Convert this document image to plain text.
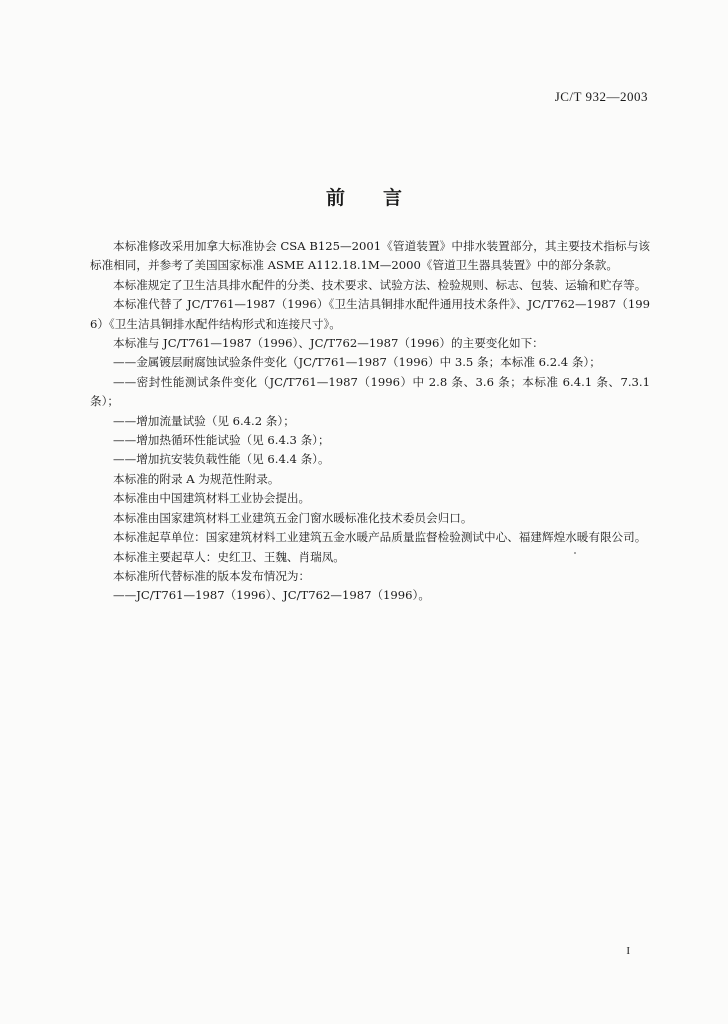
JC/T 932—2003
前言

本标准修改采用加拿大标准协会 CSA B125—2001《管道装置》中排水装置部分，其主要技术指标与该标准相同，并参考了美国国家标准 ASME A112.18.1M—2000《管道卫生器具装置》中的部分条款。

本标准规定了卫生洁具排水配件的分类、技术要求、试验方法、检验规则、标志、包装、运输和贮存等。

本标准代替了 JC/T761—1987（1996）《卫生洁具铜排水配件通用技术条件》、JC/T762—1987（1996）《卫生洁具铜排水配件结构形式和连接尺寸》。

本标准与 JC/T761—1987（1996）、JC/T762—1987（1996）的主要变化如下：

——金属镀层耐腐蚀试验条件变化（JC/T761—1987（1996）中 3.5 条；本标准 6.2.4 条）；

——密封性能测试条件变化（JC/T761—1987（1996）中 2.8 条、3.6 条；本标准 6.4.1 条、7.3.1 条）；

——增加流量试验（见 6.4.2 条）；

——增加热循环性能试验（见 6.4.3 条）；

——增加抗安装负载性能（见 6.4.4 条）。

本标准的附录 A 为规范性附录。

本标准由中国建筑材料工业协会提出。

本标准由国家建筑材料工业建筑五金门窗水暖标准化技术委员会归口。

本标准起草单位：国家建筑材料工业建筑五金水暖产品质量监督检验测试中心、福建辉煌水暖有限公司。

本标准主要起草人：史红卫、王魏、肖瑞凤。

本标准所代替标准的版本发布情况为：

——JC/T761—1987（1996）、JC/T762—1987（1996）。

I
